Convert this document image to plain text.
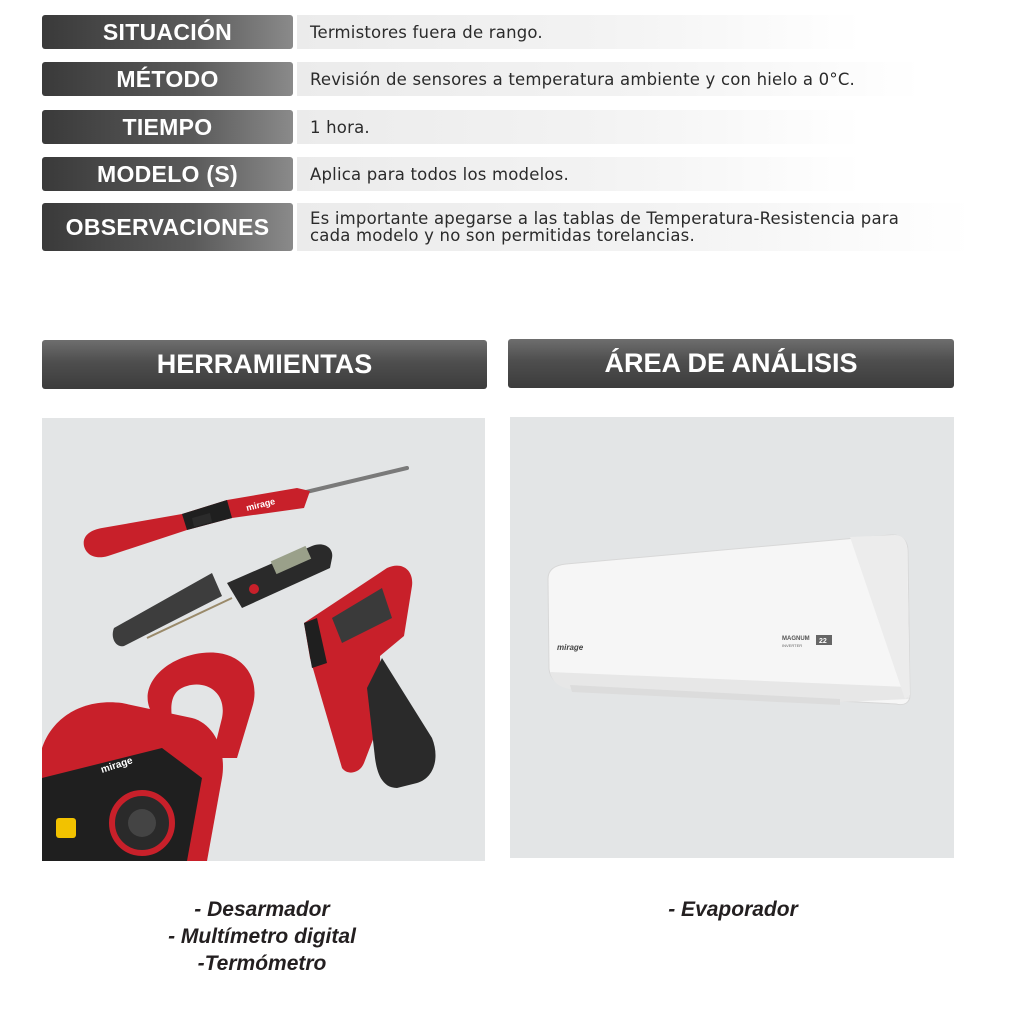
SITUACIÓN	Termistores fuera de rango.
MÉTODO	Revisión de sensores a temperatura ambiente y con hielo a 0°C.
TIEMPO	1 hora.
MODELO (S)	Aplica para todos los modelos.
OBSERVACIONES	Es importante apegarse a las tablas de Temperatura-Resistencia para
cada modelo y no son permitidas torelancias.
HERRAMIENTAS	ÁREA DE ANÁLISIS
mirage
mirage
mirage
MAGNUM
INVERTER
22
- Desarmador
- Multímetro digital
-Termómetro
- Evaporador
